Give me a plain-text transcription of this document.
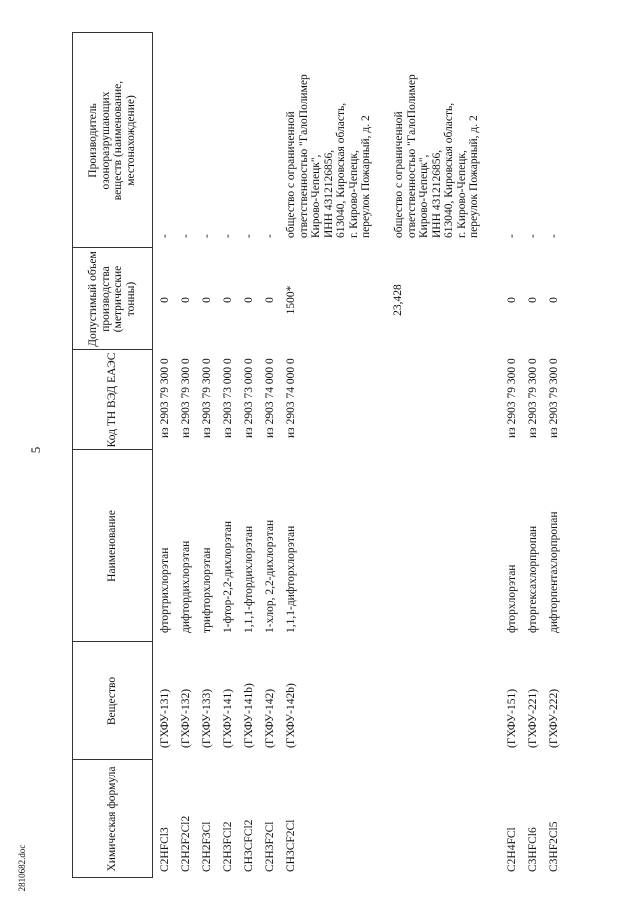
5
2810682.doc	Химическая формула
Вещество
Наименование
Код ТН ВЭД ЕАЭС
Допустимый объем производства (метрические тонны)
Производитель озоноразрушающих веществ (наименование, местонахождение)
C2HFCl3
(ГХФУ-131)
фтортрихлорэтан
из 2903 79 300 0
0
-
C2H2F2Cl2
(ГХФУ-132)
дифтордихлорэтан
из 2903 79 300 0
0
-
C2H2F3Cl
(ГХФУ-133)
трифторхлорэтан
из 2903 79 300 0
0
-
C2H3FCl2
(ГХФУ-141)
1-фтор-2,2-дихлорэтан
из 2903 73 000 0
0
-
CH3CFCl2
(ГХФУ-141b)
1,1,1-фтордихлорэтан
из 2903 73 000 0
0
-
C2H3F2Cl
(ГХФУ-142)
1-хлор, 2,2-дихлорэтан
из 2903 74 000 0
0
-
CH3CF2Cl
(ГХФУ-142b)
1,1,1-дифторхлорэтан
из 2903 74 000 0
1500*
общество с ограниченной ответственностью "ГалоПолимер Кирово-Чепецк", ИНН 4312126856, 613040, Кировская область, г. Кирово-Чепецк, переулок Пожарный, д. 2
23,428
общество с ограниченной ответственностью "ГалоПолимер Кирово-Чепецк", ИНН 4312126856, 613040, Кировская область, г. Кирово-Чепецк, переулок Пожарный, д. 2
C2H4FCl
(ГХФУ-151)
фторхлорэтан
из 2903 79 300 0
0
-
C3HFCl6
(ГХФУ-221)
фторгексахлорпропан
из 2903 79 300 0
0
-
C3HF2Cl5
(ГХФУ-222)
дифторпентахлорпропан
из 2903 79 300 0
0
-
